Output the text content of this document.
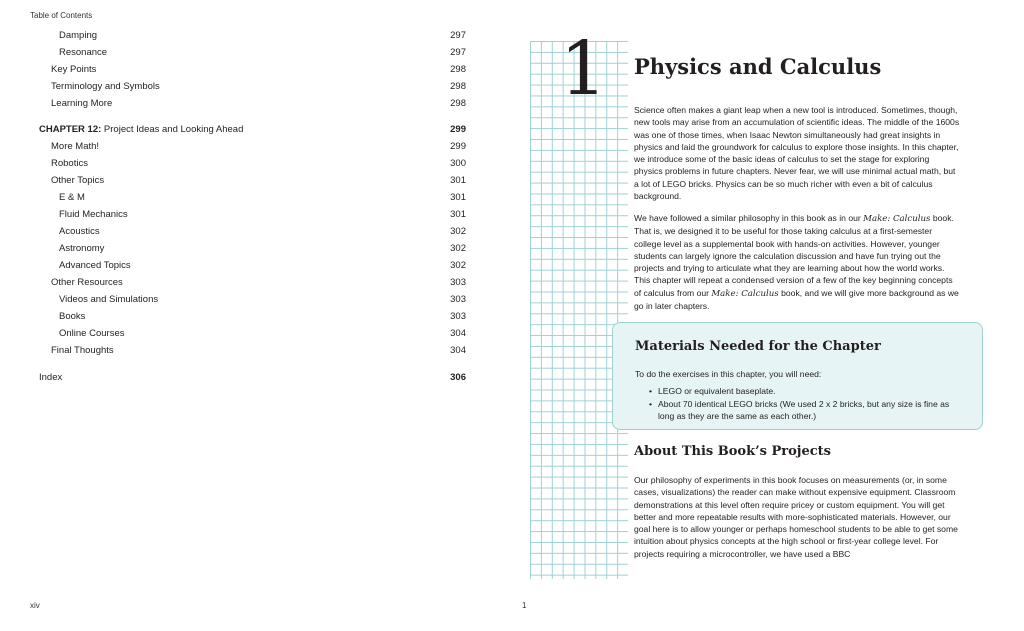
Table of Contents
Damping	297
Resonance	297
Key Points	298
Terminology and Symbols	298
Learning More	298
CHAPTER 12: Project Ideas and Looking Ahead	299
More Math!	299
Robotics	300
Other Topics	301
E & M	301
Fluid Mechanics	301
Acoustics	302
Astronomy	302
Advanced Topics	302
Other Resources	303
Videos and Simulations	303
Books	303
Online Courses	304
Final Thoughts	304
Index	306
xiv
1 Physics and Calculus
Science often makes a giant leap when a new tool is introduced. Sometimes, though, new tools may arise from an accumulation of scientific ideas. The middle of the 1600s was one of those times, when Isaac Newton simultaneously had great insights in physics and laid the groundwork for calculus to explore those insights. In this chapter, we introduce some of the basic ideas of calculus to set the stage for exploring physics problems in future chapters. Never fear, we will use minimal actual math, but a lot of LEGO bricks. Physics can be so much richer with even a bit of calculus background.
We have followed a similar philosophy in this book as in our Make: Calculus book. That is, we designed it to be useful for those taking calculus at a first-semester college level as a supplemental book with hands-on activities. However, younger students can largely ignore the calculation discussion and have fun trying out the projects and trying to articulate what they are learning about how the world works. This chapter will repeat a condensed version of a few of the key beginning concepts of calculus from our Make: Calculus book, and we will give more background as we go in later chapters.
Materials Needed for the Chapter
To do the exercises in this chapter, you will need:
• LEGO or equivalent baseplate.
• About 70 identical LEGO bricks (We used 2 x 2 bricks, but any size is fine as long as they are the same as each other.)
About This Book’s Projects
Our philosophy of experiments in this book focuses on measurements (or, in some cases, visualizations) the reader can make without expensive equipment. Classroom demonstrations at this level often require pricey or custom equipment. You will get better and more repeatable results with more-sophisticated materials. However, our goal here is to allow younger or perhaps homeschool students to be able to get some intuition about physics concepts at the high school or first-year college level. For projects requiring a microcontroller, we have used a BBC
1
